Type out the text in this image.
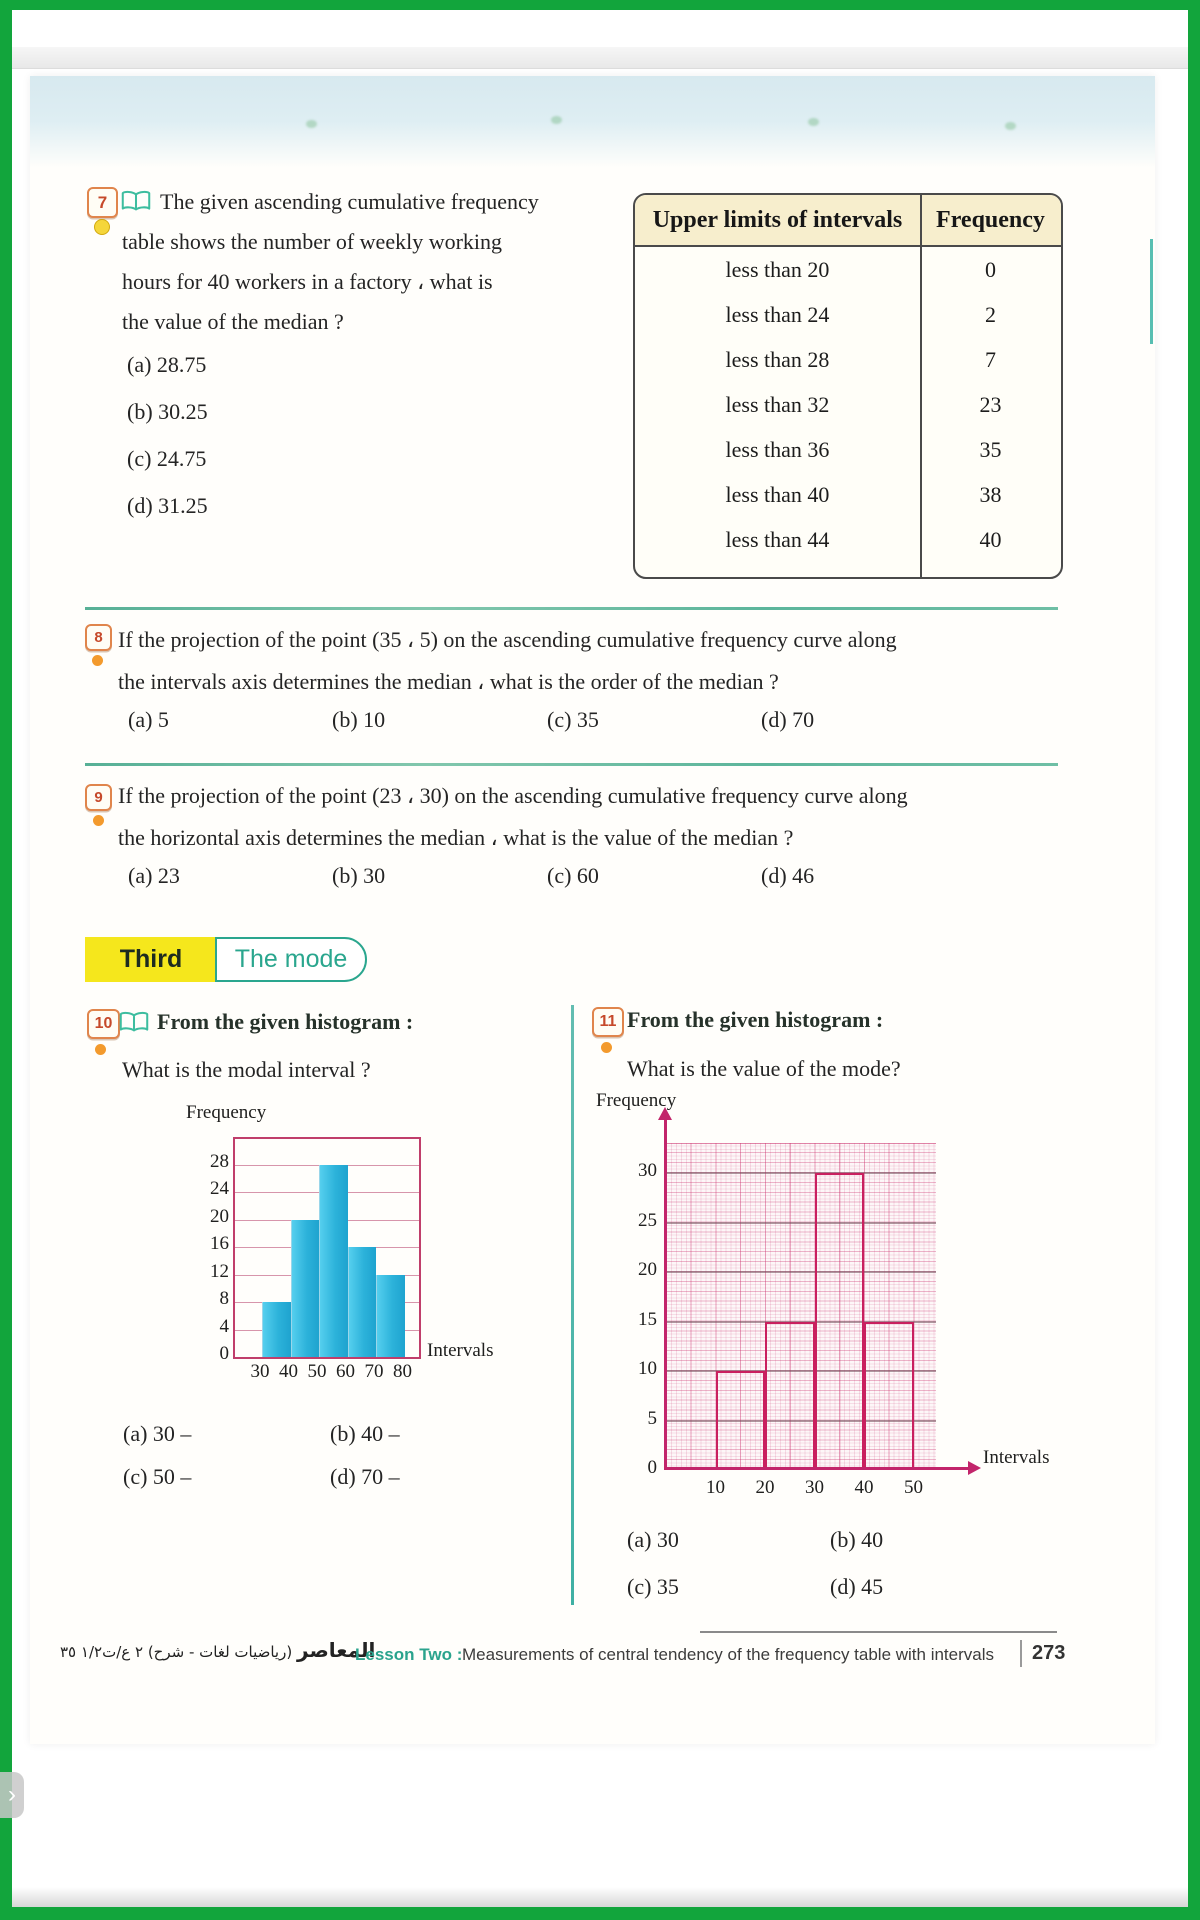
7 The given ascending cumulative frequency
table shows the number of weekly working
hours for 40 workers in a factory ، what is
the value of the median ?
Upper limits of intervals	Frequency
less than 20	0
less than 24	2
less than 28	7
less than 32	23
less than 36	35
less than 40	38
less than 44	40
8 If the projection of the point (35 ، 5) on the ascending cumulative frequency curve along
the intervals axis determines the median ، what is the order of the median ?
9 If the projection of the point (23 ، 30) on the ascending cumulative frequency curve along
the horizontal axis determines the median ، what is the value of the median ?
Third The mode
10 From the given histogram :
What is the modal interval ?
Frequency
Intervals
11 From the given histogram :
What is the value of the mode?
Frequency
Intervals
المعاصر (رياضيات لغات - شرح) ٢ ع/ت١/٢ ٣٥	Lesson Two : Measurements of central tendency of the frequency table with intervals 273
›
(a) 28.75
(b) 30.25
(c) 24.75
(d) 31.25
(a) 5	(b) 10	(c) 35	(d) 70
(a) 23	(b) 30	(c) 60	(d) 46
(a) 30 –	(b) 40 –
(c) 50 –	(d) 70 –
(a) 30	(b) 40
(c) 35	(d) 45
0
4
8
12
16
20
24
28
30 40 50 60 70 80
0
5
10
15
20
25
30
10	20	30	40	50
